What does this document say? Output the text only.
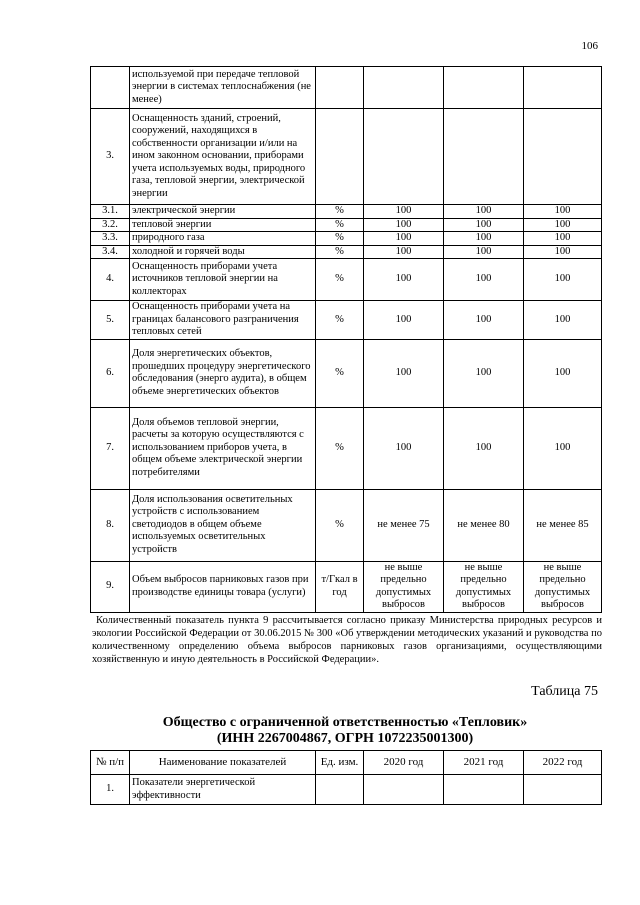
106
	используемой при передаче тепловой энергии в системах теплоснабжения (не менее)				
3.	Оснащенность зданий, строений, сооружений, находящихся в собственности организации и/или на ином законном основании, приборами учета используемых воды, природного газа, тепловой энергии, электрической энергии				
3.1.	электрической энергии	%	100	100	100
3.2.	тепловой энергии	%	100	100	100
3.3.	природного газа	%	100	100	100
3.4.	холодной и горячей воды	%	100	100	100
4.	Оснащенность приборами учета источников тепловой энергии на коллекторах	%	100	100	100
5.	Оснащенность приборами учета на границах балансового разграничения тепловых сетей	%	100	100	100
6.	Доля энергетических объектов, прошедших процедуру энергетического обследования (энерго аудита), в общем объеме энергетических объектов	%	100	100	100
7.	Доля объемов тепловой энергии, расчеты за которую осуществляются с использованием приборов учета, в общем объеме электрической энергии потребителями	%	100	100	100
8.	Доля использования осветительных устройств с использованием светодиодов в общем объеме используемых осветительных устройств	%	не менее 75	не менее 80	не менее 85
9.	Объем выбросов парниковых газов при производстве единицы товара (услуги)	т/Гкал в год	не выше предельно допустимых выбросов	не выше предельно допустимых выбросов	не выше предельно допустимых выбросов
Количественный показатель пункта 9 рассчитывается согласно приказу Министерства природных ресурсов и экологии Российской Федерации от 30.06.2015 № 300 «Об утверждении методических указаний и руководства по количественному определению объема выбросов парниковых газов организациями, осуществляющими хозяйственную и иную деятельность в Российской Федерации».
Таблица 75
Общество с ограниченной ответственностью «Тепловик»
(ИНН 2267004867, ОГРН 1072235001300)
№ п/п	Наименование показателей	Ед. изм.	2020 год	2021 год	2022 год
1.	Показатели энергетической эффективности				
